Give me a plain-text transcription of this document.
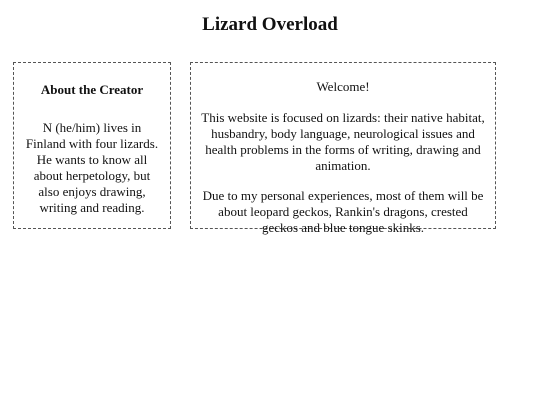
Lizard Overload
About the Creator

N (he/him) lives in Finland with four lizards. He wants to know all about herpetology, but also enjoys drawing, writing and reading.

Welcome!

This website is focused on lizards: their native habitat, husbandry, body language, neurological issues and health problems in the forms of writing, drawing and animation.

Due to my personal experiences, most of them will be about leopard geckos, Rankin's dragons, crested geckos and blue tongue skinks.
